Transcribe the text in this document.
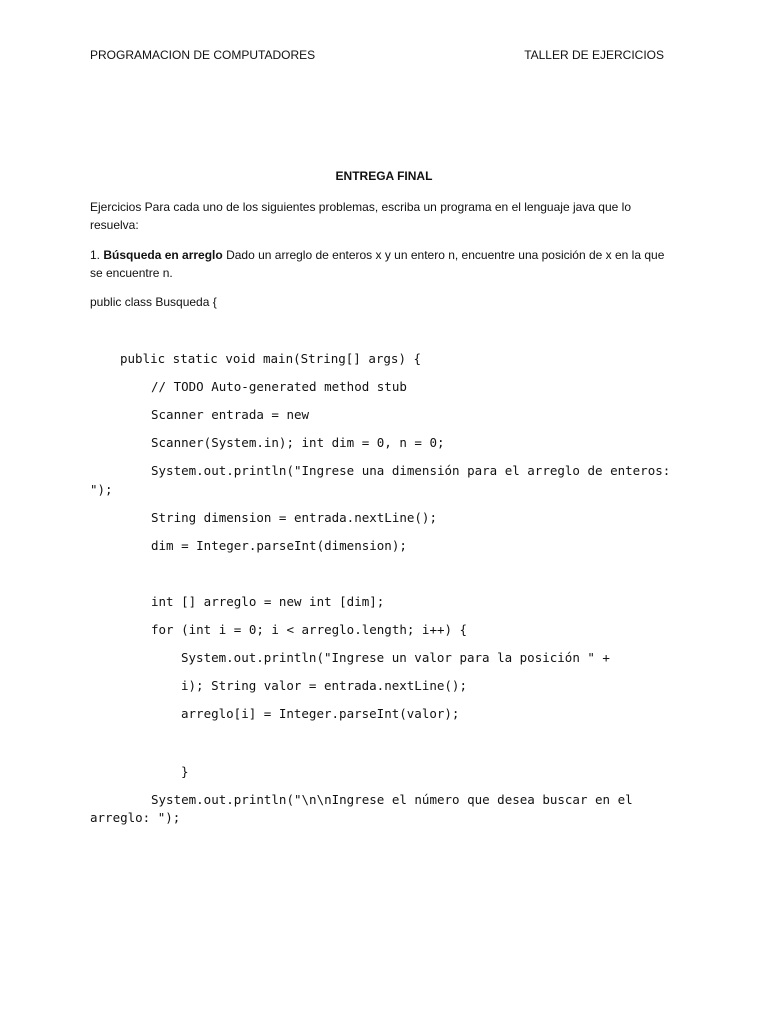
PROGRAMACION DE COMPUTADORES	TALLER DE EJERCICIOS
ENTREGA FINAL
Ejercicios Para cada uno de los siguientes problemas, escriba un programa en el lenguaje java que lo resuelva:
1. Búsqueda en arreglo Dado un arreglo de enteros x y un entero n, encuentre una posición de x en la que se encuentre n.
public class Busqueda {
public static void main(String[] args) {
// TODO Auto-generated method stub
Scanner entrada = new
Scanner(System.in); int dim = 0, n = 0;
System.out.println("Ingrese una dimensión para el arreglo de enteros:
");
String dimension = entrada.nextLine();
dim = Integer.parseInt(dimension);
int [] arreglo = new int [dim];
for (int i = 0; i < arreglo.length; i++) {
System.out.println("Ingrese un valor para la posición " +
i); String valor = entrada.nextLine();
arreglo[i] = Integer.parseInt(valor);
}
System.out.println("\n\nIngrese el número que desea buscar en el
arreglo: ");
